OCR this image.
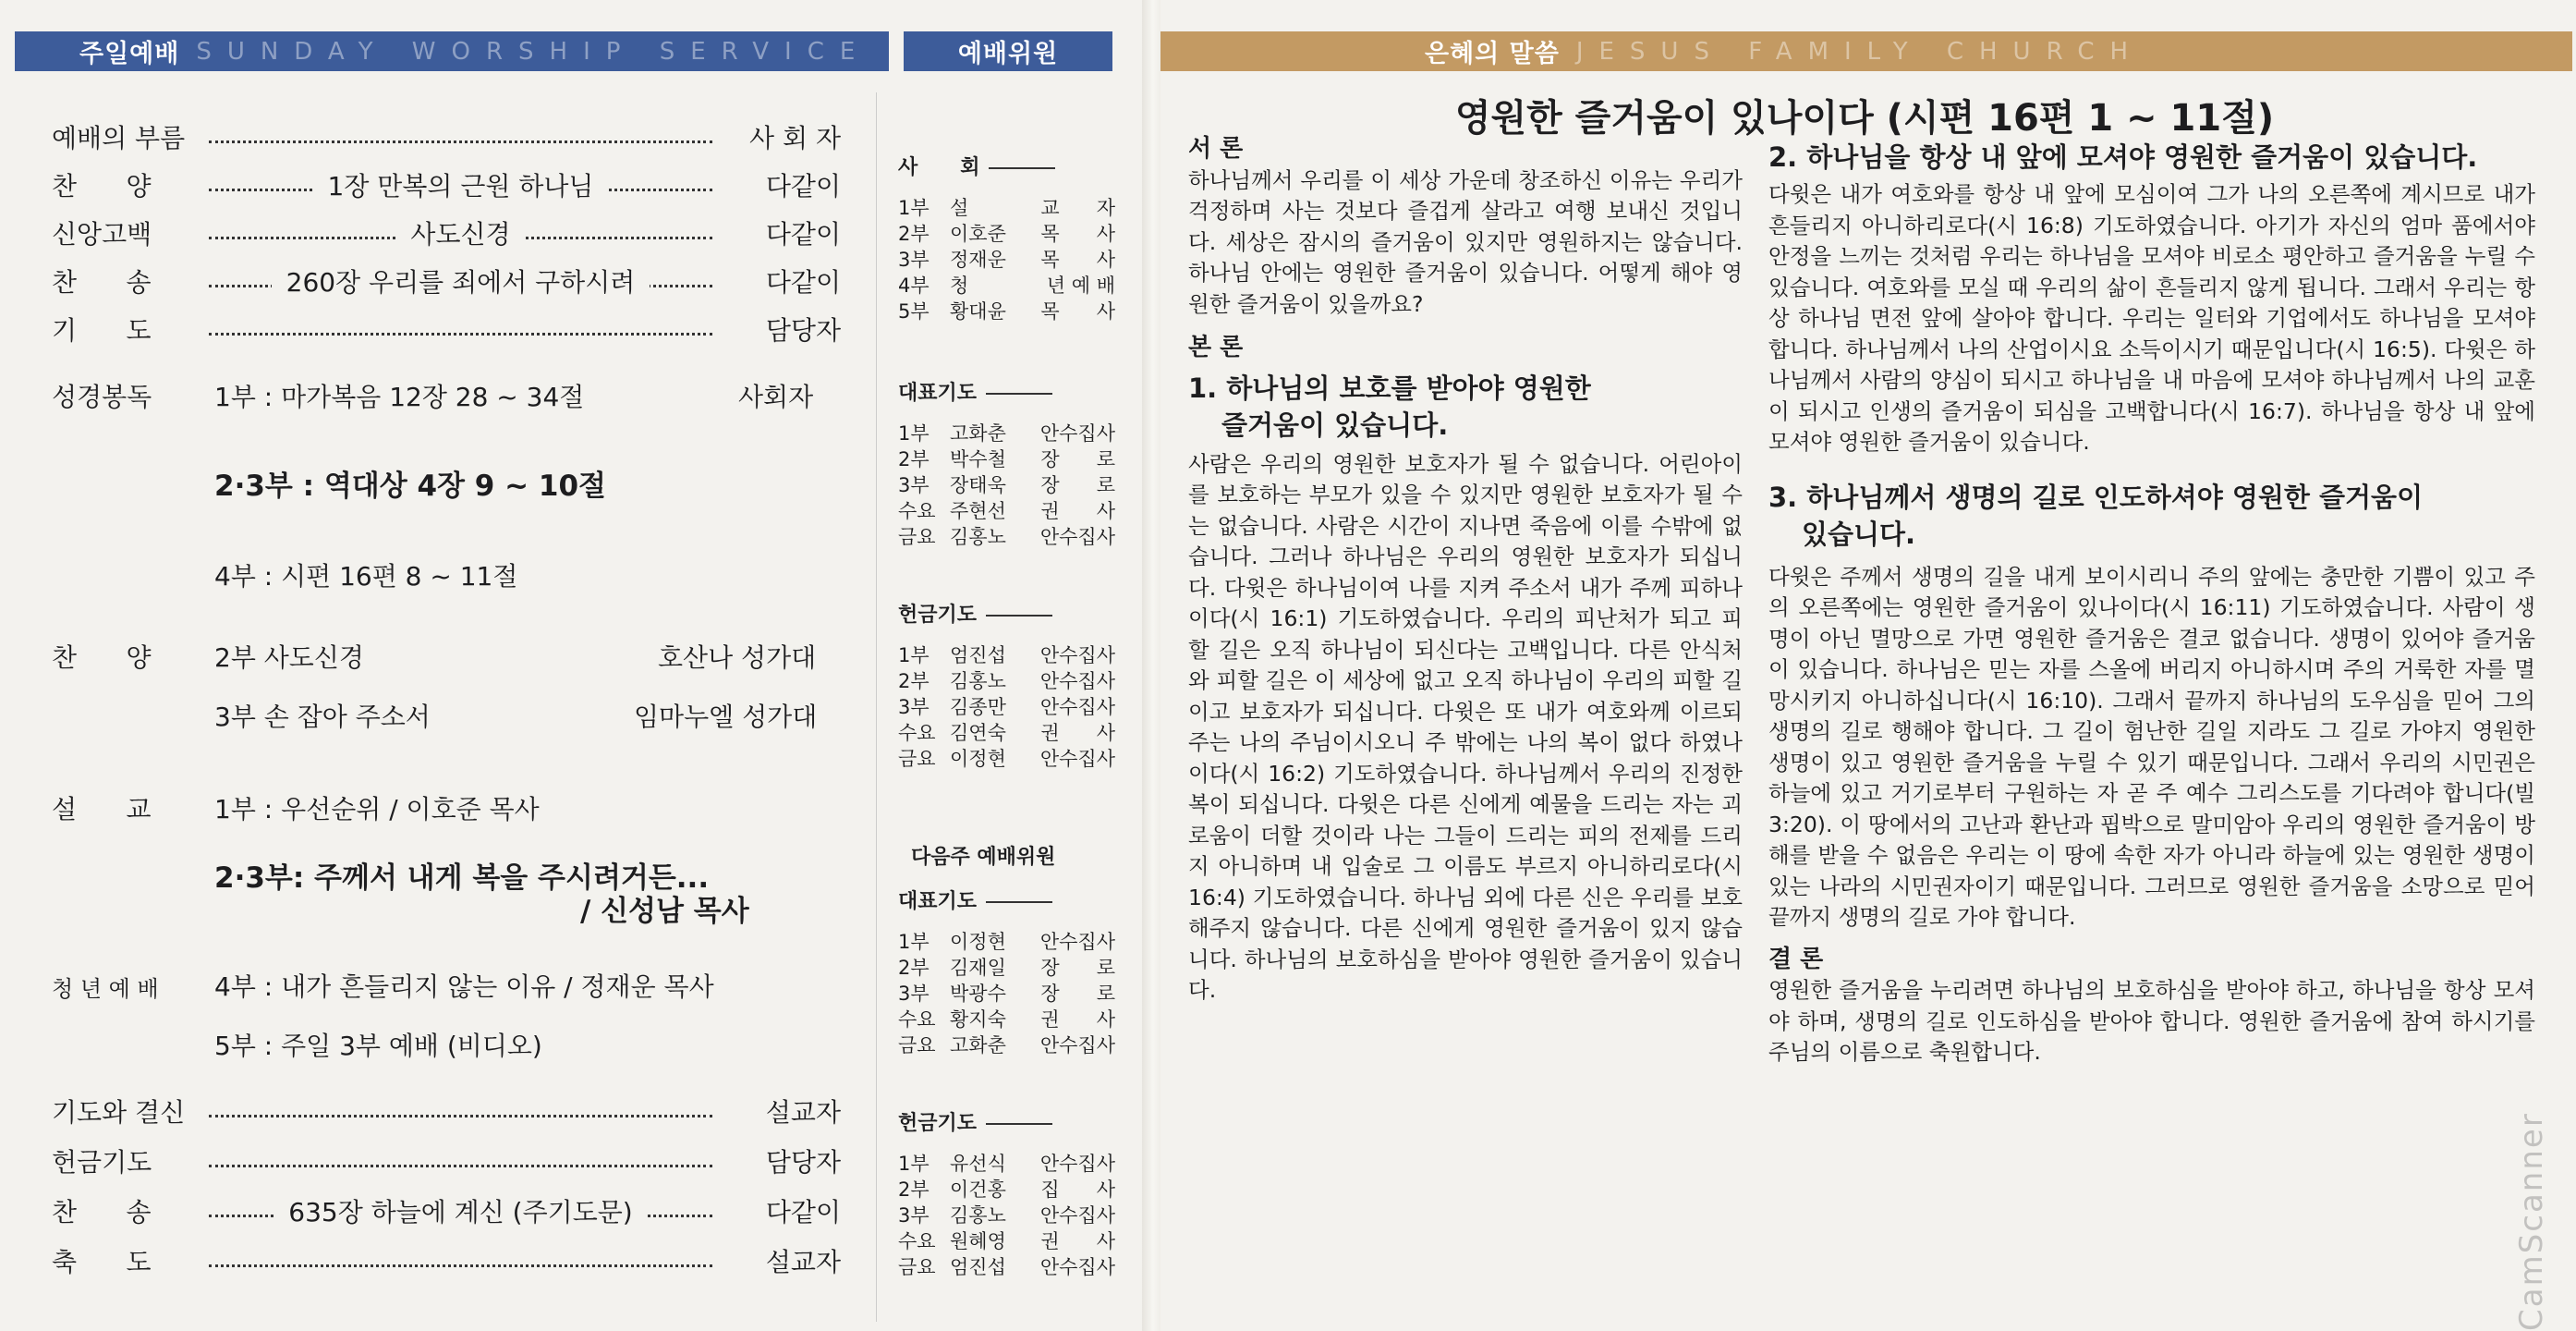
주일예배 SUNDAY WORSHIP SERVICE	예배위원	은혜의 말씀 JESUS FAMILY CHURCH
예배의 부름	사 회 자
찬      양	1장 만복의 근원 하나님	다같이
신앙고백	사도신경	다같이
찬      송	260장 우리를 죄에서 구하시려	다같이
기      도	담당자
성경봉독 1부 : 마가복음 12장 28 ~ 34절	사회자
2·3부 : 역대상 4장 9 ~ 10절
4부 : 시편 16편 8 ~ 11절
찬      양 2부 사도신경	호산나 성가대
3부 손 잡아 주소서	임마누엘 성가대
설      교 1부 : 우선순위 / 이호준 목사
2·3부: 주께서 내게 복을 주시려거든...
/ 신성남 목사
청 년 예 배 4부 : 내가 흔들리지 않는 이유 / 정재운 목사
5부 : 주일 3부 예배 (비디오)
기도와 결신	설교자
헌금기도	담당자
찬      송	635장 하늘에 계신 (주기도문)	다같이
축      도	설교자
사      회
1부 설	교      자
2부 이호준 목      사
3부 정재운 목      사
4부 청	년 예 배
5부 황대윤 목      사
대표기도
1부 고화춘 안수집사
2부 박수철 장      로
3부 장태욱 장      로
수요 주현선 권      사
금요 김홍노 안수집사
헌금기도
1부 엄진섭 안수집사
2부 김홍노 안수집사
3부 김종만 안수집사
수요 김연숙 권      사
금요 이정현 안수집사
다음주 예배위원
대표기도
1부 이정현 안수집사
2부 김재일 장      로
3부 박광수 장      로
수요 황지숙 권      사
금요 고화춘 안수집사
헌금기도
1부 유선식 안수집사
2부 이건홍 집      사
3부 김홍노 안수집사
수요 원혜영 권      사
금요 엄진섭 안수집사
영원한 즐거움이 있나이다 (시편 16편 1 ~ 11절)

서 론

하나님께서 우리를 이 세상 가운데 창조하신 이유는 우리가 걱정하며 사는 것보다 즐겁게 살라고 여행 보내신 것입니다. 세상은 잠시의 즐거움이 있지만 영원하지는 않습니다. 하나님 안에는 영원한 즐거움이 있습니다. 어떻게 해야 영원한 즐거움이 있을까요?

본 론

1. 하나님의 보호를 받아야 영원한

즐거움이 있습니다.

사람은 우리의 영원한 보호자가 될 수 없습니다. 어린아이를 보호하는 부모가 있을 수 있지만 영원한 보호자가 될 수는 없습니다. 사람은 시간이 지나면 죽음에 이를 수밖에 없습니다. 그러나 하나님은 우리의 영원한 보호자가 되십니다. 다윗은 하나님이여 나를 지켜 주소서 내가 주께 피하나이다(시 16:1) 기도하였습니다. 우리의 피난처가 되고 피할 길은 오직 하나님이 되신다는 고백입니다. 다른 안식처와 피할 길은 이 세상에 없고 오직 하나님이 우리의 피할 길이고 보호자가 되십니다. 다윗은 또 내가 여호와께 이르되 주는 나의 주님이시오니 주 밖에는 나의 복이 없다 하였나이다(시 16:2) 기도하였습니다. 하나님께서 우리의 진정한 복이 되십니다. 다윗은 다른 신에게 예물을 드리는 자는 괴로움이 더할 것이라 나는 그들이 드리는 피의 전제를 드리지 아니하며 내 입술로 그 이름도 부르지 아니하리로다(시 16:4) 기도하였습니다. 하나님 외에 다른 신은 우리를 보호해주지 않습니다. 다른 신에게 영원한 즐거움이 있지 않습니다. 하나님의 보호하심을 받아야 영원한 즐거움이 있습니다.

2. 하나님을 항상 내 앞에 모셔야 영원한 즐거움이 있습니다.

다윗은 내가 여호와를 항상 내 앞에 모심이여 그가 나의 오른쪽에 계시므로 내가 흔들리지 아니하리로다(시 16:8) 기도하였습니다. 아기가 자신의 엄마 품에서야 안정을 느끼는 것처럼 우리는 하나님을 모셔야 비로소 평안하고 즐거움을 누릴 수 있습니다. 여호와를 모실 때 우리의 삶이 흔들리지 않게 됩니다. 그래서 우리는 항상 하나님 면전 앞에 살아야 합니다. 우리는 일터와 기업에서도 하나님을 모셔야 합니다. 하나님께서 나의 산업이시요 소득이시기 때문입니다(시 16:5). 다윗은 하나님께서 사람의 양심이 되시고 하나님을 내 마음에 모셔야 하나님께서 나의 교훈이 되시고 인생의 즐거움이 되심을 고백합니다(시 16:7). 하나님을 항상 내 앞에 모셔야 영원한 즐거움이 있습니다.

3. 하나님께서 생명의 길로 인도하셔야 영원한 즐거움이

있습니다.

다윗은 주께서 생명의 길을 내게 보이시리니 주의 앞에는 충만한 기쁨이 있고 주의 오른쪽에는 영원한 즐거움이 있나이다(시 16:11) 기도하였습니다. 사람이 생명이 아닌 멸망으로 가면 영원한 즐거움은 결코 없습니다. 생명이 있어야 즐거움이 있습니다. 하나님은 믿는 자를 스올에 버리지 아니하시며 주의 거룩한 자를 멸망시키지 아니하십니다(시 16:10). 그래서 끝까지 하나님의 도우심을 믿어 그의 생명의 길로 행해야 합니다. 그 길이 험난한 길일 지라도 그 길로 가야지 영원한 생명이 있고 영원한 즐거움을 누릴 수 있기 때문입니다. 그래서 우리의 시민권은 하늘에 있고 거기로부터 구원하는 자 곧 주 예수 그리스도를 기다려야 합니다(빌 3:20). 이 땅에서의 고난과 환난과 핍박으로 말미암아 우리의 영원한 즐거움이 방해를 받을 수 없음은 우리는 이 땅에 속한 자가 아니라 하늘에 있는 영원한 생명이 있는 나라의 시민권자이기 때문입니다. 그러므로 영원한 즐거움을 소망으로 믿어 끝까지 생명의 길로 가야 합니다.

결 론

영원한 즐거움을 누리려면 하나님의 보호하심을 받아야 하고, 하나님을 항상 모셔야 하며, 생명의 길로 인도하심을 받아야 합니다. 영원한 즐거움에 참여 하시기를 주님의 이름으로 축원합니다.

CamScanner
